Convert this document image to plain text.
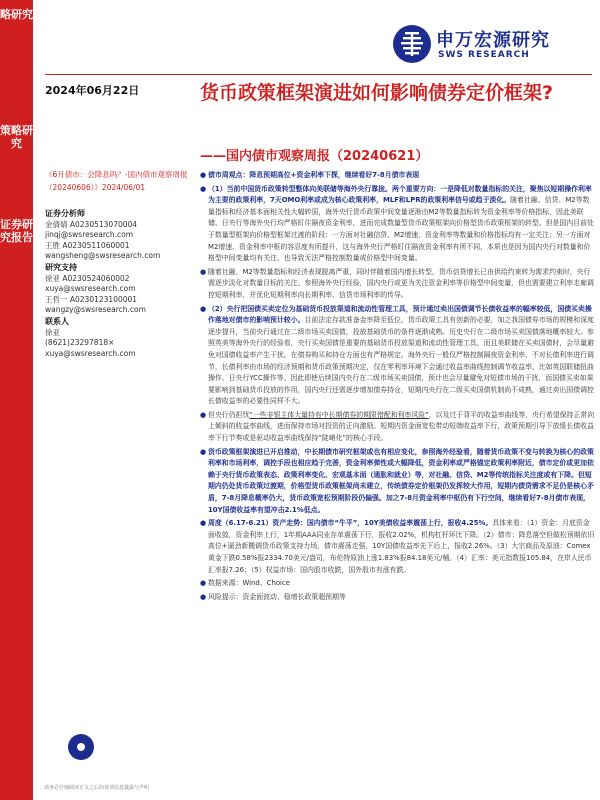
略研究
策略研究
证券研究报告
申万宏源研究
SWS RESEARCH
2024年06月22日	货币政策框架演进如何影响债券定价框架?
——国内债市观察周报（20240621）
《6月债市：会降息吗？-国内债市观察周报（20240606）》2024/06/01
证券分析师
金倩婧 A0230513070004
jinqj@swsresearch.com
王胜 A0230511060001
wangsheng@swsresearch.com
研究支持
徐亚 A0230524060002
xuya@swsresearch.com
王哲一 A0230123100001
wangzy@swsresearch.com
联系人
徐亚
(8621)23297818×
xuya@swsresearch.com

● 债市周观点：降息预期高位+资金利率下探，继续看好7-8月债市表现

● （1）当前中国货币政策转型整体向美联储等海外央行靠拢。两个重要方向：一是降低对数量指标的关注，聚焦以短期操作利率为主要的政策利率，7天OMO利率或成为核心政策利率，MLF和LPR的政策利率信号或趋于淡化。随着社融、信贷、M2等数量指标和经济基本面相关性大幅转弱，海外央行货币政策中间变量逐渐由M2等数量指标转为资金利率等价格指标，因此美联储、日央行等海外央行均严格盯住隔夜资金利率，进而完成数量型货币政策框架向价格型货币政策框架的转型。但是国内目前处于数量型框架向价格型框架过渡的阶段：一方面对社融信贷、M2增速、资金利率等数量和价格指标均有一定关注；另一方面对M2增速、资金利率中枢的容忍度有所提升，这与海外央行严格盯住隔夜资金利率有所不同，本质也是因为国内央行对数量和价格型中间变量均有关注，也导致无法严格控制数量或价格型中间变量。

● 随着社融、M2等数量指标和经济表现脱离严重，同时伴随着国内增长转型，货币信贷增长已由供给约束转为需求约束时，央行需逐步淡化对数量目标的关注。参照海外央行经验，国内央行或更为关注资金利率等价格型中间变量，但也需要建立利率走廊调控短期利率，并优化短期利率向长期利率、信贷市场利率的传导。

● （2）央行把国债买卖定位为基础货币投放渠道和流动性管理工具，预计通过卖出国债调节长债收益率的幅率较低，国债买卖操作落地对债市的影响预计较小。目前法定存款准备金率降至低位，货币政策工具有创新的必要，加之我国债券市场的规模和深度逐步提升，当前央行通过在二级市场买卖国债，投放基础货币的条件逐渐成熟。历史央行在二级市场买卖国债落地概率较大。参照英美等海外央行的经验看，央行买卖国债是重要的基础货币投放渠道和流动性管理工具，而且美联储在买卖国债时，会尽量避免对国债收益率产生干扰，在债券购买和持仓方面也有严格规定。海外央行一般仅严格控制隔夜资金利率，不对长债利率进行调节，长债利率由市场的经济预期和货币政策预期决定，仅在零利率环境下会通过收益率曲线控制调节收益率，比如英国联储扭曲操作、日央行YCC操作等。因此即使后续国内央行在二级市场买卖国债，预计也会尽量避免对短债市场的干扰，而国债买卖如果要影响到基础货币投放的作用，国内央行还需逐步增加债券持仓，短期内央行在二级买卖国债机制尚不成熟，通过卖出国债调控长债收益率的必要性同样不大。

● 但央行仍担忧“一些非银主体大量持有中长期债券的期限错配和利率风险”，以及过于背平的收益率曲线等，央行希望保持正常向上倾斜的收益率曲线，进而保持市场对投资的正向激励。短期内资金面宽松带动短端收益率下行，政策预期引导下放缓长债收益率下行节奏或是驱动收益率曲线保持“陡峭化”的核心手段。

● 货币政策框架演进已开启推动，中长期债市研究框架或也有相应变化，参照海外经验看，随着货币政策不变与转换为核心的政策利率和市场利率，调控手段也相应趋于完善，资金利率弹性或大幅降低，资金利率或严格锚定政策利率附近，债市定价或更加依赖于央行货币政策表态、政策利率变化、宏观基本面（通胀和就业）等，对社融、信贷、M2等传统指标关注度或有下降。但短期内仍处货币政策过渡期，价格型货币政策框架尚未建立，传统债券定价框架仍发挥较大作用，短期内债贷需求不足仍是核心矛盾，7-8月降息概率仍大，货币政策宽松预期阶段仍偏强。加之7-8月资金利率中枢仍有下行空间，继续看好7-8月债市表现，10Y国债收益率有望冲击2.1%低点。

● 周度（6.17-6.21）资产走势：国内债市“牛平”，10Y美债收益率震荡上行，报收4.25%。具体来看：（1）资金：月底资金面收敛，资金利率上行，1年期AAA同业存单震荡下行，报收2.02%，机构杠杆环比下降。（2）债市：降息落空但做松预期依旧高位+逼劲新搬调货币政策支持力场，债市震荡走强，10Y国债收益率先下后上，报收2.26%。（3）大宗商品及原油：Comex黄金下跌0.58%报2334.70美元/盎司，布伦特原油上涨1.83%报84.18美元/桶。（4）汇率：美元指数报105.84，在岸人民币汇率报7.26；（5）权益市场：国内股市收跌，国外股市有涨有跌。

● 数据来源：Wind、Choice

● 风险提示：资金面波动、稳增长政策超预期等

请务必仔细阅读正文之后的各项信息披露与声明
